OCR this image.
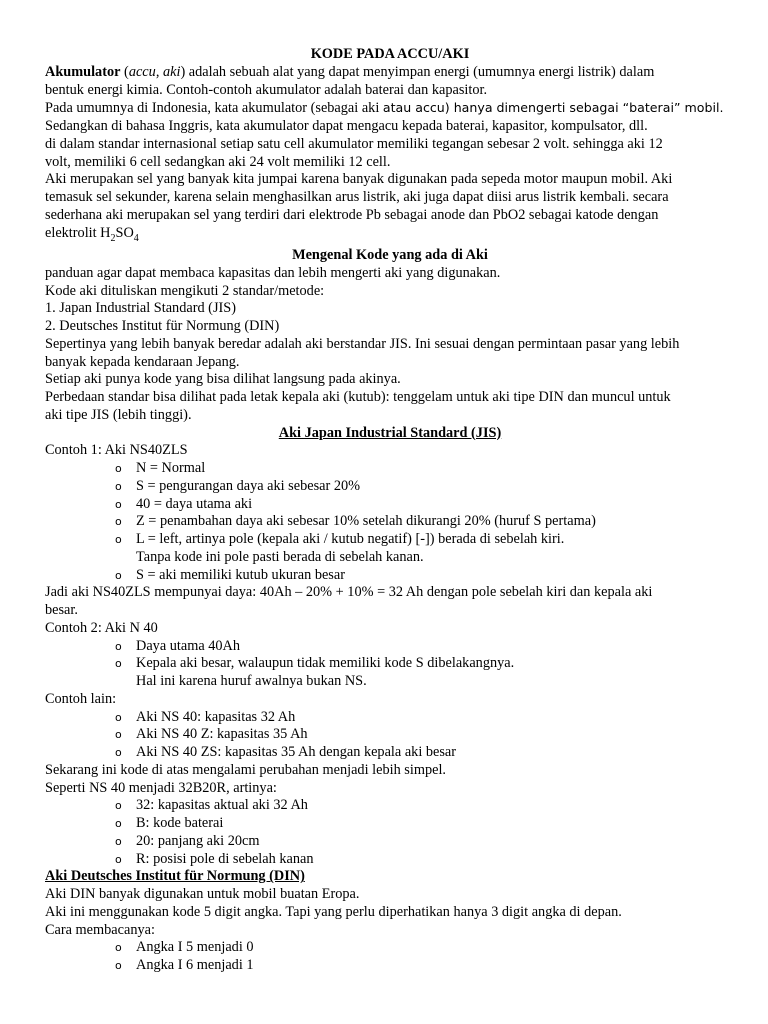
KODE PADA ACCU/AKI

Akumulator (accu, aki) adalah sebuah alat yang dapat menyimpan energi (umumnya energi listrik) dalam

bentuk energi kimia. Contoh-contoh akumulator adalah baterai dan kapasitor.

Pada umumnya di Indonesia, kata akumulator (sebagai aki atau accu) hanya dimengerti sebagai “baterai” mobil.

Sedangkan di bahasa Inggris, kata akumulator dapat mengacu kepada baterai, kapasitor, kompulsator, dll.

di dalam standar internasional setiap satu cell akumulator memiliki tegangan sebesar 2 volt. sehingga aki 12

volt, memiliki 6 cell sedangkan aki 24 volt memiliki 12 cell.

Aki merupakan sel yang banyak kita jumpai karena banyak digunakan pada sepeda motor maupun mobil. Aki

temasuk sel sekunder, karena selain menghasilkan arus listrik, aki juga dapat diisi arus listrik kembali. secara

sederhana aki merupakan sel yang terdiri dari elektrode Pb sebagai anode dan PbO2 sebagai katode dengan

elektrolit $H_2SO_4$

Mengenal Kode yang ada di Aki

panduan agar dapat membaca kapasitas dan lebih mengerti aki yang digunakan.

Kode aki dituliskan mengikuti 2 standar/metode:

1. Japan Industrial Standard (JIS)

2. Deutsches Institut für Normung (DIN)

Sepertinya yang lebih banyak beredar adalah aki berstandar JIS. Ini sesuai dengan permintaan pasar yang lebih

banyak kepada kendaraan Jepang.

Setiap aki punya kode yang bisa dilihat langsung pada akinya.

Perbedaan standar bisa dilihat pada letak kepala aki (kutub): tenggelam untuk aki tipe DIN dan muncul untuk

aki tipe JIS (lebih tinggi).

Aki Japan Industrial Standard (JIS)

Contoh 1: Aki NS40ZLS

o N = Normal
o S = pengurangan daya aki sebesar 20%
o 40 = daya utama aki
o Z = penambahan daya aki sebesar 10% setelah dikurangi 20% (huruf S pertama)
o L = left, artinya pole (kepala aki / kutub negatif) [-]) berada di sebelah kiri.
Tanpa kode ini pole pasti berada di sebelah kanan.
o S = aki memiliki kutub ukuran besar

Jadi aki NS40ZLS mempunyai daya: 40Ah – 20% + 10% = 32 Ah dengan pole sebelah kiri dan kepala aki

besar.

Contoh 2: Aki N 40

o Daya utama 40Ah
o Kepala aki besar, walaupun tidak memiliki kode S dibelakangnya.
Hal ini karena huruf awalnya bukan NS.

Contoh lain:

o Aki NS 40: kapasitas 32 Ah
o Aki NS 40 Z: kapasitas 35 Ah
o Aki NS 40 ZS: kapasitas 35 Ah dengan kepala aki besar

Sekarang ini kode di atas mengalami perubahan menjadi lebih simpel.

Seperti NS 40 menjadi 32B20R, artinya:

o 32: kapasitas aktual aki 32 Ah
o B: kode baterai
o 20: panjang aki 20cm
o R: posisi pole di sebelah kanan

Aki Deutsches Institut für Normung (DIN)

Aki DIN banyak digunakan untuk mobil buatan Eropa.

Aki ini menggunakan kode 5 digit angka. Tapi yang perlu diperhatikan hanya 3 digit angka di depan.

Cara membacanya:

o Angka I 5 menjadi 0
o Angka I 6 menjadi 1
